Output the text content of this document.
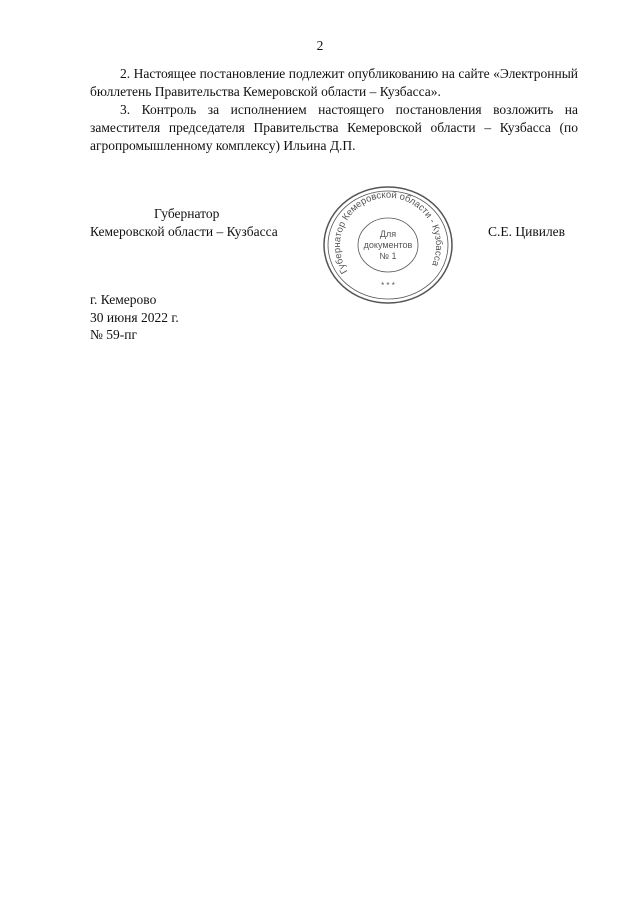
2

2. Настоящее постановление подлежит опубликованию на сайте «Электронный бюллетень Правительства Кемеровской области – Кузбасса».

3. Контроль за исполнением настоящего постановления возложить на заместителя председателя Правительства Кемеровской области – Кузбасса (по агропромышленному комплексу) Ильина Д.П.

Губернатор
Кемеровской области – Кузбасса	С.Е. Цивилев
Губернатор Кемеровской области - Кузбасса
Для
документов
№ 1
* * *
г. Кемерово
30 июня 2022 г.
№ 59-пг
